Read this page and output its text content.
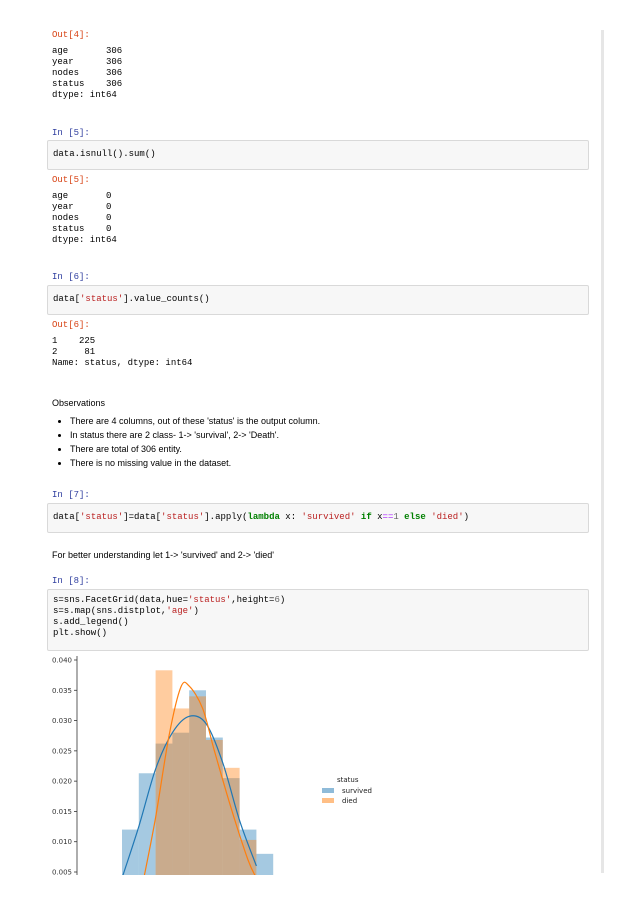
Out[4]:
age       306
year      306
nodes     306
status    306
dtype: int64
In [5]:
data.isnull().sum()
Out[5]:
age       0
year      0
nodes     0
status    0
dtype: int64
In [6]:
data['status'].value_counts()
Out[6]:
1    225
2     81
Name: status, dtype: int64
Observations
• There are 4 columns, out of these 'status' is the output column.
• In status there are 2 class- 1-> 'survival', 2-> 'Death'.
• There are total of 306 entity.
• There is no missing value in the dataset.
In [7]:
data['status']=data['status'].apply(lambda x: 'survived' if x==1 else 'died')
For better understanding let 1-> 'survived' and 2-> 'died'
In [8]:
s=sns.FacetGrid(data,hue='status',height=6)
s=s.map(sns.distplot,'age')
s.add_legend()
plt.show()
0.040
0.035
0.030
0.025
0.020
0.015
0.010
0.005
status
survived
died
